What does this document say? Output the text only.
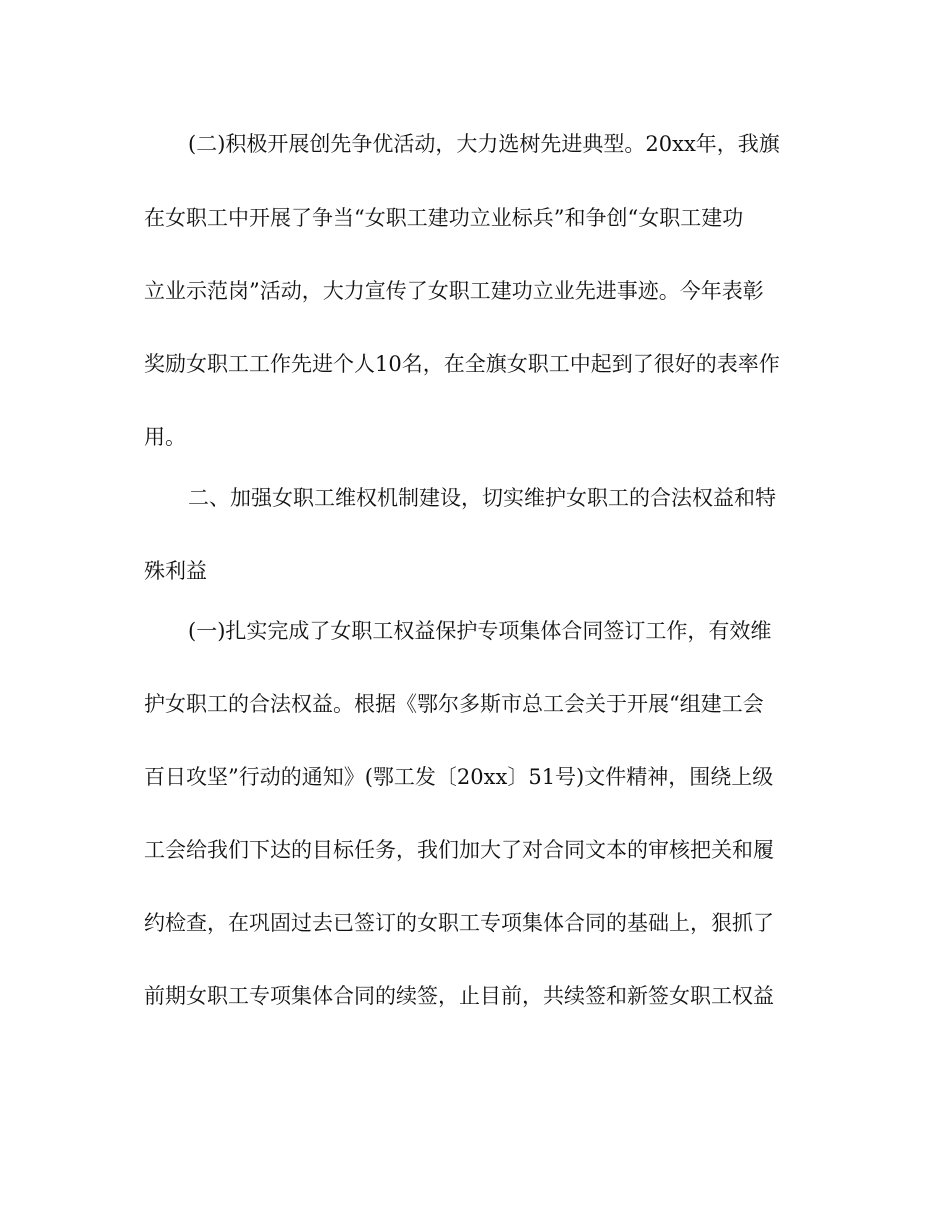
(二)积极开展创先争优活动，大力选树先进典型。20xx年，我旗
在女职工中开展了争当“女职工建功立业标兵”和争创“女职工建功
立业示范岗”活动，大力宣传了女职工建功立业先进事迹。今年表彰
奖励女职工工作先进个人10名，在全旗女职工中起到了很好的表率作
用。
二、加强女职工维权机制建设，切实维护女职工的合法权益和特
殊利益
(一)扎实完成了女职工权益保护专项集体合同签订工作，有效维
护女职工的合法权益。根据《鄂尔多斯市总工会关于开展“组建工会
百日攻坚”行动的通知》(鄂工发〔20xx〕51号)文件精神，围绕上级
工会给我们下达的目标任务，我们加大了对合同文本的审核把关和履
约检查，在巩固过去已签订的女职工专项集体合同的基础上，狠抓了
前期女职工专项集体合同的续签，止目前，共续签和新签女职工权益
